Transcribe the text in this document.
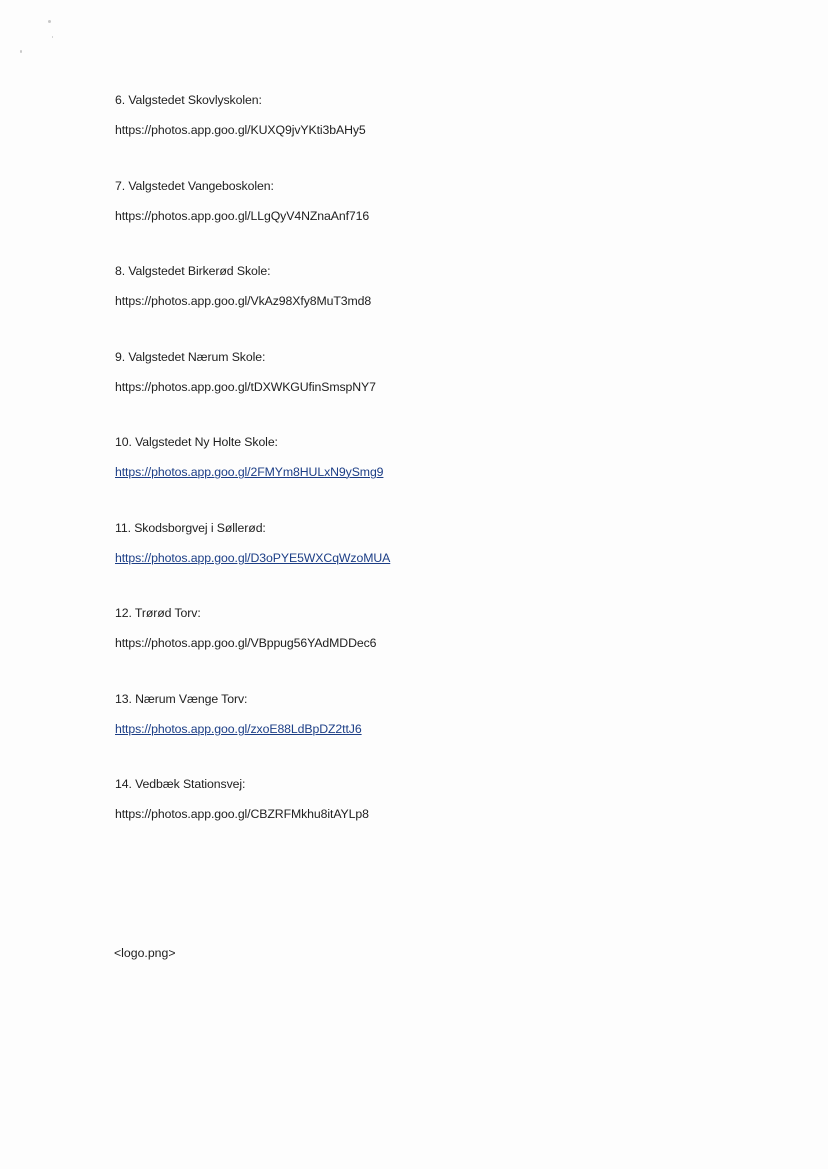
6. Valgstedet Skovlyskolen:
https://photos.app.goo.gl/KUXQ9jvYKti3bAHy5
7. Valgstedet Vangeboskolen:
https://photos.app.goo.gl/LLgQyV4NZnaAnf716
8. Valgstedet Birkerød Skole:
https://photos.app.goo.gl/VkAz98Xfy8MuT3md8
9. Valgstedet Nærum Skole:
https://photos.app.goo.gl/tDXWKGUfinSmspNY7
10. Valgstedet Ny Holte Skole:
https://photos.app.goo.gl/2FMYm8HULxN9ySmg9
11. Skodsborgvej i Søllerød:
https://photos.app.goo.gl/D3oPYE5WXCqWzoMUA
12. Trørød Torv:
https://photos.app.goo.gl/VBppug56YAdMDDec6
13. Nærum Vænge Torv:
https://photos.app.goo.gl/zxoE88LdBpDZ2ttJ6
14. Vedbæk Stationsvej:
https://photos.app.goo.gl/CBZRFMkhu8itAYLp8
<logo.png>
